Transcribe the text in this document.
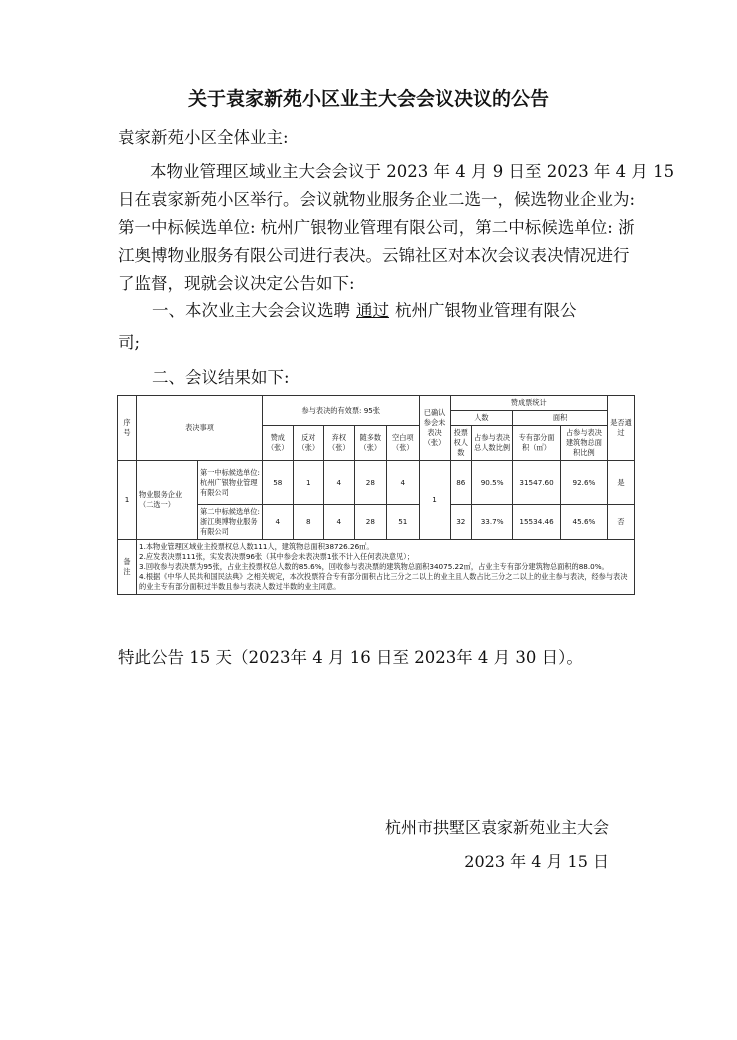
关于袁家新苑小区业主大会会议决议的公告
袁家新苑小区全体业主:
本物业管理区域业主大会会议于 2023 年 4 月 9 日至 2023 年 4 月 15
日在袁家新苑小区举行。会议就物业服务企业二选一，候选物业企业为:
第一中标候选单位: 杭州广银物业管理有限公司，第二中标候选单位: 浙
江奥博物业服务有限公司进行表决。云锦社区对本次会议表决情况进行
了监督，现就会议决定公告如下:
一、本次业主大会会议选聘 通过 杭州广银物业管理有限公
司;
二、会议结果如下:
序号	表决事项		参与表决的有效票: 95张					已确认参会未表决（张）	赞成票统计				是否通过
									人数		面积		
			赞成（张）	反对（张）	弃权（张）	随多数（张）	空白项（张）		投票权人数	占参与表决总人数比例	专有部分面积（㎡）	占参与表决建筑物总面积比例	
1	物业服务企业（二选一）	第一中标候选单位: 杭州广银物业管理有限公司	58	1	4	28	4	1	86	90.5%	31547.60	92.6%	是
		第二中标候选单位: 浙江奥博物业服务有限公司	4	8	4	28	51		32	33.7%	15534.46	45.6%	否
备注	1.本物业管理区域业主投票权总人数111人，建筑物总面积38726.26㎡。
2.应发表决票111张，实发表决票96张（其中参会未表决票1张不计入任何表决意见）；
3.回收参与表决票为95张，占业主投票权总人数的85.6%，回收参与表决票的建筑物总面积34075.22㎡，占业主专有部分建筑物总面积的88.0%。
4.根据《中华人民共和国民法典》之相关规定，本次投票符合专有部分面积占比三分之二以上的业主且人数占比三分之二以上的业主参与表决，经参与表决的业主专有部分面积过半数且参与表决人数过半数的业主同意。												
特此公告 15 天（2023年 4 月 16 日至 2023年 4 月 30 日）。
杭州市拱墅区袁家新苑业主大会
2023 年 4 月 15 日
